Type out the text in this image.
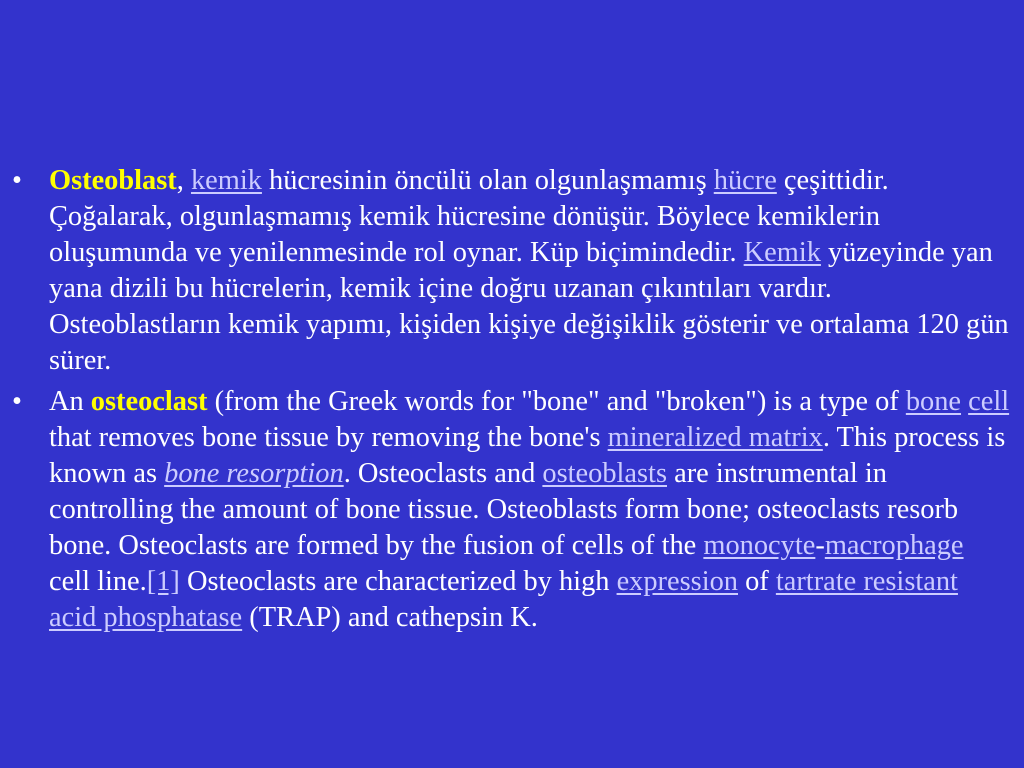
• Osteoblast, kemik hücresinin öncülü olan olgunlaşmamış hücre çeşittidir. Çoğalarak, olgunlaşmamış kemik hücresine dönüşür. Böylece kemiklerin oluşumunda ve yenilenmesinde rol oynar. Küp biçimindedir. Kemik yüzeyinde yan yana dizili bu hücrelerin, kemik içine doğru uzanan çıkıntıları vardır. Osteoblastların kemik yapımı, kişiden kişiye değişiklik gösterir ve ortalama 120 gün sürer.
• An osteoclast (from the Greek words for "bone" and "broken") is a type of bone cell that removes bone tissue by removing the bone's mineralized matrix. This process is known as bone resorption. Osteoclasts and osteoblasts are instrumental in controlling the amount of bone tissue. Osteoblasts form bone; osteoclasts resorb bone. Osteoclasts are formed by the fusion of cells of the monocyte-macrophage cell line.[1] Osteoclasts are characterized by high expression of tartrate resistant acid phosphatase (TRAP) and cathepsin K.
